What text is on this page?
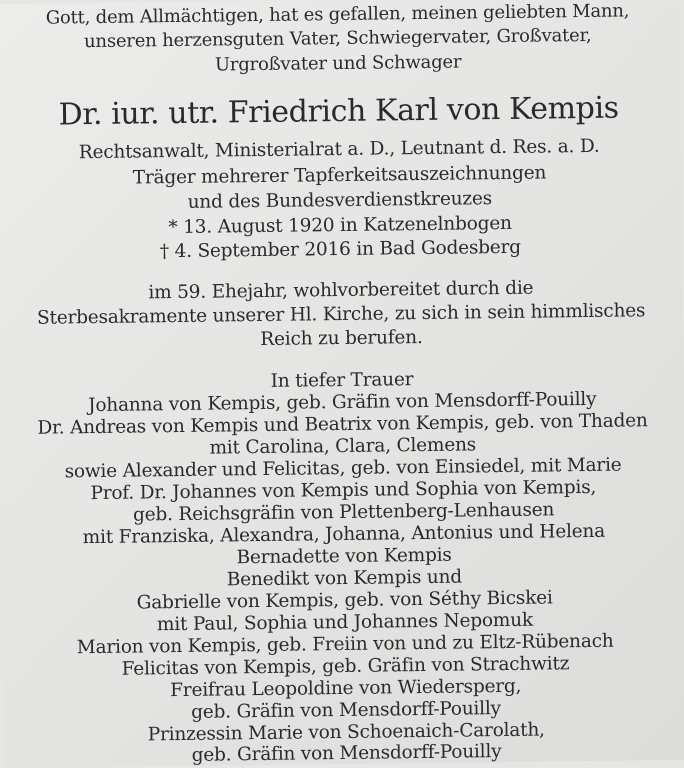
Gott, dem Allmächtigen, hat es gefallen, meinen geliebten Mann,
unseren herzensguten Vater, Schwiegervater, Großvater,
Urgroßvater und Schwager
Dr. iur. utr. Friedrich Karl von Kempis
Rechtsanwalt, Ministerialrat a. D., Leutnant d. Res. a. D.
Träger mehrerer Tapferkeitsauszeichnungen
und des Bundesverdienstkreuzes
* 13. August 1920 in Katzenelnbogen
† 4. September 2016 in Bad Godesberg
im 59. Ehejahr, wohlvorbereitet durch die
Sterbesakramente unserer Hl. Kirche, zu sich in sein himmlisches
Reich zu berufen.
In tiefer Trauer
Johanna von Kempis, geb. Gräfin von Mensdorff-Pouilly
Dr. Andreas von Kempis und Beatrix von Kempis, geb. von Thaden
mit Carolina, Clara, Clemens
sowie Alexander und Felicitas, geb. von Einsiedel, mit Marie
Prof. Dr. Johannes von Kempis und Sophia von Kempis,
geb. Reichsgräfin von Plettenberg-Lenhausen
mit Franziska, Alexandra, Johanna, Antonius und Helena
Bernadette von Kempis
Benedikt von Kempis und
Gabrielle von Kempis, geb. von Séthy Bicskei
mit Paul, Sophia und Johannes Nepomuk
Marion von Kempis, geb. Freiin von und zu Eltz-Rübenach
Felicitas von Kempis, geb. Gräfin von Strachwitz
Freifrau Leopoldine von Wiedersperg,
geb. Gräfin von Mensdorff-Pouilly
Prinzessin Marie von Schoenaich-Carolath,
geb. Gräfin von Mensdorff-Pouilly
